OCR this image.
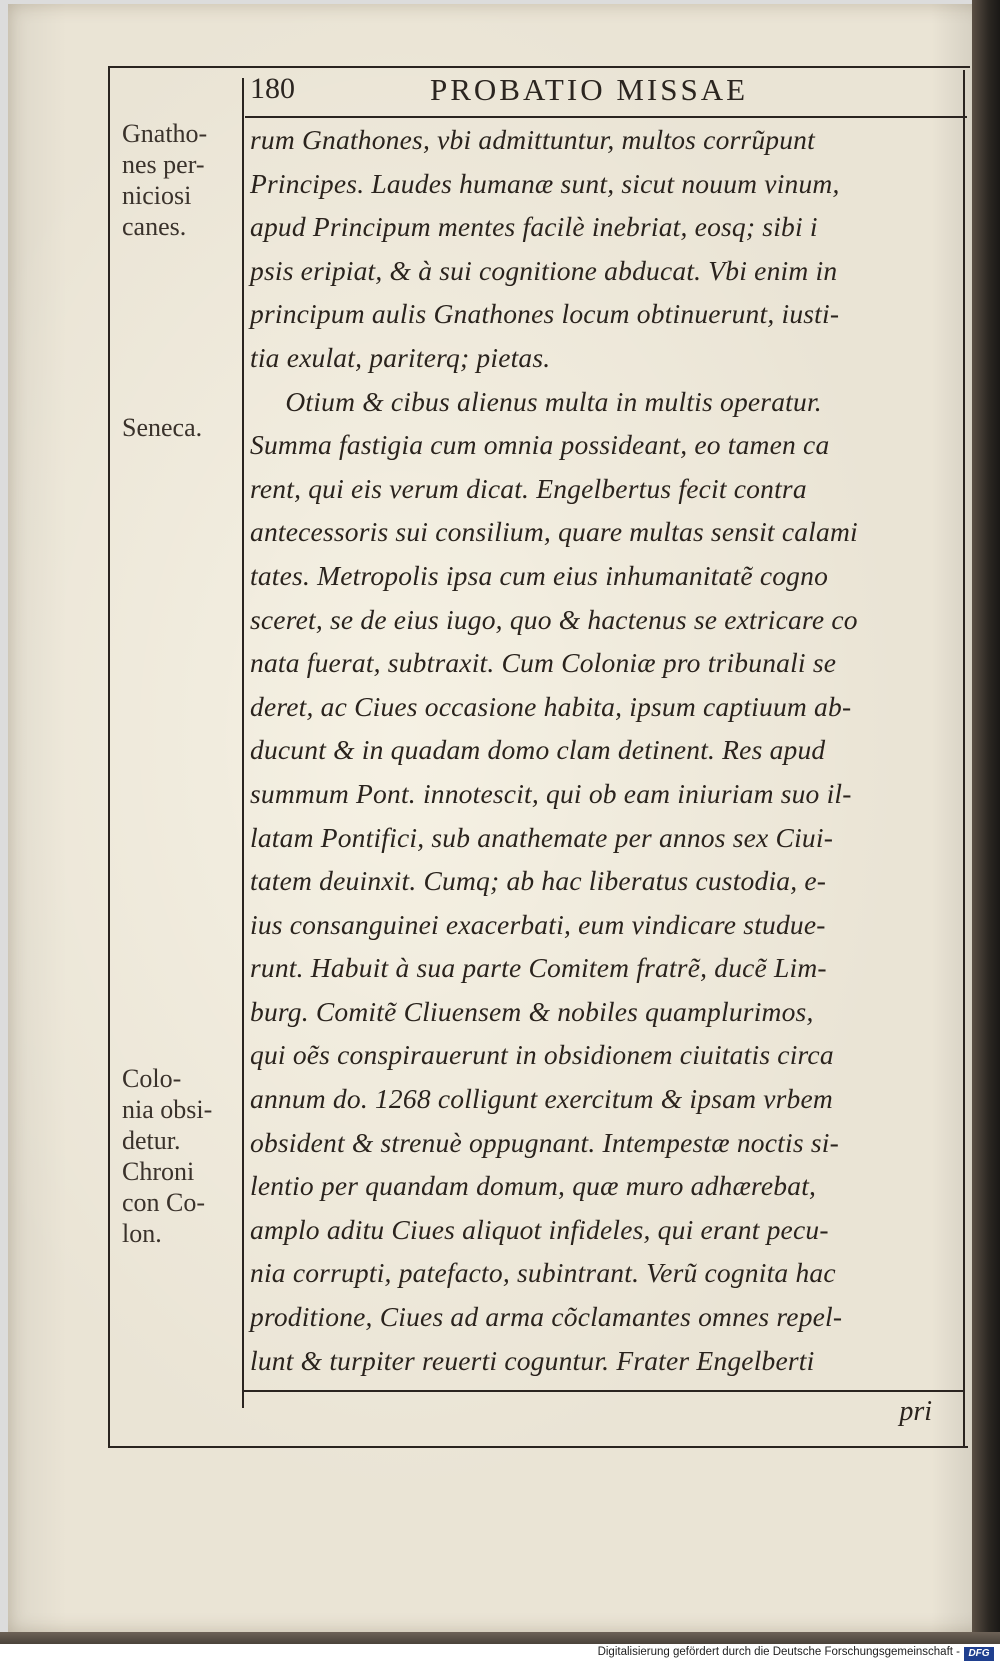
180	PROBATIO MISSAE
rum Gnathones, vbi admittuntur, multos corrũpunt
Principes. Laudes humanæ sunt, sicut nouum vinum,
apud Principum mentes facilè inebriat, eosq; sibi i
psis eripiat, & à sui cognitione abducat. Vbi enim in
principum aulis Gnathones locum obtinuerunt, iusti-
tia exulat, pariterq; pietas.
Otium & cibus alienus multa in multis operatur.
Summa fastigia cum omnia possideant, eo tamen ca
rent, qui eis verum dicat. Engelbertus fecit contra
antecessoris sui consilium, quare multas sensit calami
tates. Metropolis ipsa cum eius inhumanitatẽ cogno
sceret, se de eius iugo, quo & hactenus se extricare co
nata fuerat, subtraxit. Cum Coloniæ pro tribunali se
deret, ac Ciues occasione habita, ipsum captiuum ab-
ducunt & in quadam domo clam detinent. Res apud
summum Pont. innotescit, qui ob eam iniuriam suo il-
latam Pontifici, sub anathemate per annos sex Ciui-
tatem deuinxit. Cumq; ab hac liberatus custodia, e-
ius consanguinei exacerbati, eum vindicare studue-
runt. Habuit à sua parte Comitem fratrẽ, ducẽ Lim-
burg. Comitẽ Cliuensem & nobiles quamplurimos,
qui oẽs conspirauerunt in obsidionem ciuitatis circa
annum do. 1268 colligunt exercitum & ipsam vrbem
obsident & strenuè oppugnant. Intempestæ noctis si-
lentio per quandam domum, quæ muro adhærebat,
amplo aditu Ciues aliquot infideles, qui erant pecu-
nia corrupti, patefacto, subintrant. Verũ cognita hac
proditione, Ciues ad arma cõclamantes omnes repel-
lunt & turpiter reuerti coguntur. Frater Engelberti
pri
Gnatho-
nes per-
niciosi
canes.
Seneca.
Colo-
nia obsi-
detur.
Chroni
con Co-
lon.
Digitalisierung gefördert durch die Deutsche Forschungsgemeinschaft - DFG
